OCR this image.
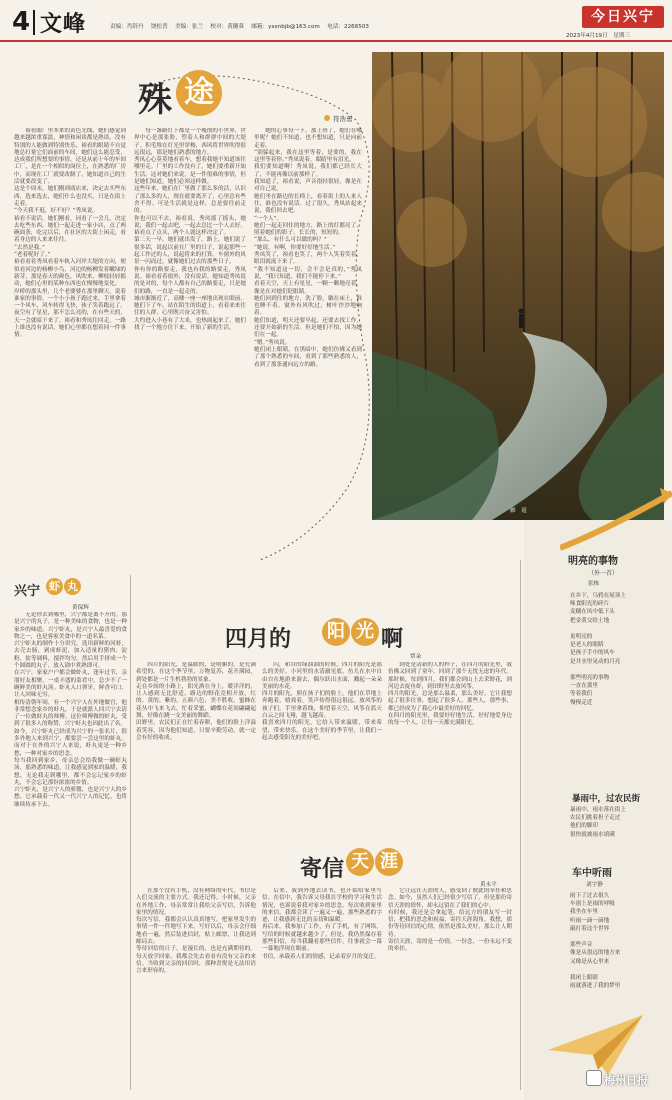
4 文峰	责编：肖辞丹　 饶松普　 美编：张兰　 校对：黄穗葵　 邮箱：ysxnbjb@163.com　 电话：2266503
今日兴宁
2023年4月19日　星期三
殊 途
符浩勇
裕看眼厂里本来的黄色光线，她们感觉到越来越浓重寡淡，神情和闲谈都是熟谈，没有特别的人能做到特别快乐，裕看的眼睛不自觉地总打量它们面前的车间，她们这么能忍受，达成我们所想要的事情。还是从前十年的车间工厂，是在一个相似的岗位上，在熟悉的厂房中，而现在工厂就要改制了，她知道自己的生活就要改变了。
这是个周末，她们刚到商店来，决定去买些东西，选来选去，她们什么也没买，只是在街上走着。
“今天我不逛，好不好？”秀凤说。
裕看不说话，她们刚看，同看了一会儿，决定去吃些东西。她们一起走进一家小店，点了两碗面条，吃完以后，在社区的大街上闲走，看着身边的人来来往往。
“去然是我。”
“老着呢好了。”
裕看看着秀凤看着车轨入河岸大堤的方向，便似看河边的杨柳小鸟，河边的杨柳发着嫩绿的新芽，那是春天的颜色，风吹来，柳枝轻轻摇动，她们心里的某种东西也在慢慢地变化。
岸桥的那头里，几个老婆婆在那里聊天，说着谁家的事情。一个小小孩子跑过来，手里拿着一个风车，风车转得飞快，孩子笑着跑远了。
夜空有了星星，那不怎么亮的，在有些天的，天一会就暗下来了。裕看和秀凤往回走，一路上谁也没有说话，她们心里都在想着同一件事情。
每一盏路灯下都是一个瘦削的小世界，世界中心是那张脸，塑着人和群群中间的大堤子。积毛堆在灯光里穿梭，西风将世界吹得很远很远，那是她们熟悉的地方。
秀凤心心莫莫地看着车，想着我她不知道该往哪里走。厂里的工作没有了，她们要重新开始生活。这对她们来说，是一件很难的事情，但是她们知道，她们必须这样做。
这些年来，她们在厂里做了那么多的活，认识了那么多的人，现在就要离开了，心里总有些舍不得。可是生活就是这样，总是要往前走的。
你也可以不去，裕看说。秀凤摇了摇头，她说，我们一起去吧，一起去总比一个人去好。裕看点了点头，两个人就这样决定了。
第二天一早，她们就出发了。路上，她们说了很多话，说起以前在厂里的日子，说起那些一起工作过的人，说起将来的打算。车窗外的风景一闪而过，就像她们过去的那些日子。
你有你的路要走，我也有我的路要走，秀凤说。裕看看着窗外，没有说话。她知道秀凤说的是对的，每个人都有自己的路要走，只是她们的路，一直是一起走的。
城市渐渐近了，高楼一座一座地出现在眼前。她们下了车，站在陌生的街道上，看着来来往往的人群，心里既兴奋又害怕。
大约进入小巷有了大米，也热闹起来了。她们找了一个地方住下来，开始了新的生活。
她的心事每一下，那上班了，她们在哪里呢？她们不知道，也不想知道，只是向前走着。
“别躲起来，我在这里等着，是要的，我在这里等着你。”秀凤说着，眼睛里有泪光。
我们要知道啊！秀凤说，我们都已经长大了，不能再像以前那样了。
我知道了，裕看说，声音很轻很轻，像是在对自己说。
她们坐在路边的长椅上，看着街上的人来人往，谁也没有说话。过了很久，秀凤站起来说，我们回去吧。
“一个人”。
她们一起走回住的地方，路上的灯都亮了，照着她们的影子，长长的，短短的。
“那么，有什么可以做的吗？”
“她说，有啊，你要好好地生活。”
秀凤笑了，裕看也笑了，两个人笑着笑着，眼泪就流下来了。
“我不知道这一切，会不会是真的，”秀凤说，“我只知道，我们不能停下来。”
看着天空，天上有星星，一颗一颗地亮着，像是在对她们眨眼睛。
她们回到住的地方，洗了脸，躺在床上，谁也睡不着。窗外有风吹过，树叶沙沙地响着。
她们知道，明天还要早起，还要去找工作，还要开始新的生活。但是她们不怕，因为她们在一起。
“嗯。”秀凤说。
她们闭上眼睛，在黑暗中，她们仿佛又看到了那个熟悉的车间，看到了那些熟悉的人，看到了那条通向远方的路。
雁　返
兴宁 虾 丸
黄保辉
无论你去到哪里，兴宁都是离不开的。那是兴宁的丸子，是一种美味的食物，也是一种家乡的味道。兴宁虾丸，是兴宁人最喜爱的食物之一，也是客家美食中的一道名菜。
兴宁虾丸的制作十分讲究，选用新鲜的河虾，去壳去肠，剁成虾泥，加入适量的猪肉、淀粉、盐等调料，搅拌均匀，然后用手挤成一个个圆圆的丸子，放入锅中煮熟即可。
在兴宁，家家户户都会做虾丸，逢年过节，亲朋好友相聚，一桌丰盛的菜肴中，总少不了一碗鲜美的虾丸汤。虾丸入口弹牙，鲜香可口，让人回味无穷。
相传清朝年间，有一个兴宁人在外地做官，他非常想念家乡的虾丸，于是就派人回兴宁去请了一位做虾丸的师傅。这位师傅做的虾丸，受到了很多人的称赞，兴宁虾丸也因此出了名。
如今，兴宁虾丸已经成为兴宁的一张名片，很多外地人来到兴宁，都要尝一尝这里的虾丸。而对于在外的兴宁人来说，虾丸更是一种乡愁，一种对家乡的思念。
每当我回到家乡，母亲总会给我做一碗虾丸汤，那熟悉的味道，让我感觉到家的温暖。我想，无论我走到哪里，都不会忘记家乡的虾丸，不会忘记那份浓浓的乡情。
兴宁虾丸，是兴宁人的骄傲，也是兴宁人的乡愁。它承载着一代又一代兴宁人的记忆，也将继续传承下去。
四月的 阳 光 啊
覃朵
四月的阳光，是温暖的，是明媚的，是充满希望的。在这个季节里，万物复苏，花开满园，到处都是一片生机勃勃的景象。
走在乡间的小路上，阳光洒在身上，暖洋洋的，让人感到无比舒适。路边的野花竞相开放，红的、黄的、紫的，五颜六色，美不胜收。蜜蜂在花丛中飞来飞去，忙着采蜜，蝴蝶在花间翩翩起舞，好像在跳一支美丽的舞蹈。
田野里，农民们正在忙着春耕，他们的脸上洋溢着笑容，因为他们知道，只要辛勤劳动，就一定会有好的收成。
闪，和谷的绿油油的时候，四月的阳光是那么的美好。小河里的水清澈见底，鱼儿在水中自由自在地游来游去，偶尔跃出水面，溅起一朵朵美丽的水花。
四月的阳光，照在孩子们的脸上，他们在草地上奔跑着，嬉戏着，笑声传得很远很远。放风筝的孩子们，手里拿着线，仰望着天空，风筝在蓝天白云之间飞翔，越飞越高。
我喜欢四月的阳光，它给人带来温暖，带来希望，带来快乐。在这个美好的季节里，让我们一起去感受阳光的美好吧。
到处是清新的人的样子，在四月的阳光里，我仿佛又回到了童年，回到了那个无忧无虑的年代。那时候，每到四月，我们都会到山上去采野花，到河边去捉鱼虾，到田野里去放风筝。
四月的阳光，总是那么温柔，那么美好。它让我想起了很多往事，想起了很多人。那些人，那些事，都已经成为了我心中最美好的回忆。
在四月的阳光里，我要好好地生活，好好地爱身边的每一个人，让每一天都充满阳光。
寄信 天 涯
黄永平
在那个没有手机、没有网络的年代，书信是人们交流的主要方式。我还记得，小时候，父亲在外地工作，母亲常常让我给父亲写信，告诉他家里的情况。
每次写信，我都会认认真真地写，把家里发生的事情一件一件地写下来。写好以后，母亲会仔细地看一遍，然后装进信封，贴上邮票，让我送到邮局去。
等待回信的日子，是漫长的，也是充满期待的。每天放学回家，我都会先去看看有没有父亲的来信。当收到父亲的回信时，那种喜悦是无法用语言来形容的。
后来，我到外地去读书，也开始给家里写信。在信中，我告诉父母我在学校的学习和生活情况，也诉说着我对家乡的思念。每次收到家里的来信，我都会读了一遍又一遍，那些熟悉的字迹，让我感到无比的亲切和温暖。
再后来，我参加了工作，有了手机，有了网络，写信的时候就越来越少了。但是，我仍然保存着那些旧信，每当我翻看那些信件，往事就会一幕一幕地浮现在眼前。
书信，承载着人们的情感，记录着岁月的变迁。
它让远在天涯的人，感受到了彼此的牵挂和思念。如今，虽然人们已经很少写信了，但是那份寄信天涯的情怀，却永远留在了我们的心中。
有时候，我还是会拿起笔，给远方的朋友写一封信，把我的思念和祝福，寄往天涯海角。我想，那份等待回信的心情，依然是那么美好，那么让人期待。
寄信天涯，寄的是一份情，一份念，一份永远不变的牵挂。
明亮的事物
（外一首）
张栋
在乡下，乌鸦在屋顶上
啄食阳光的碎片
麦穗在风中低下头
把金黄交给土地

更明亮的
是老人的眼睛
是孩子手中的风车
是井水里晃动的月亮

那些明亮的事物
一直在那里
等着我们
慢慢走近
暴雨中，过农民街
暴雨中，雨水落在街上
农民们挑着担子走过
他们的脚印
很快就被雨水填满
车中听雨
刘宇静
雨下了过去很久
车窗上是雨的呼吸
我坐在车里
听雨一滴一滴地
敲打着这个世界

那些声音
像是从很远的地方来
又像是从心里来

我闭上眼睛
雨就落进了我的梦里
梅州日报
